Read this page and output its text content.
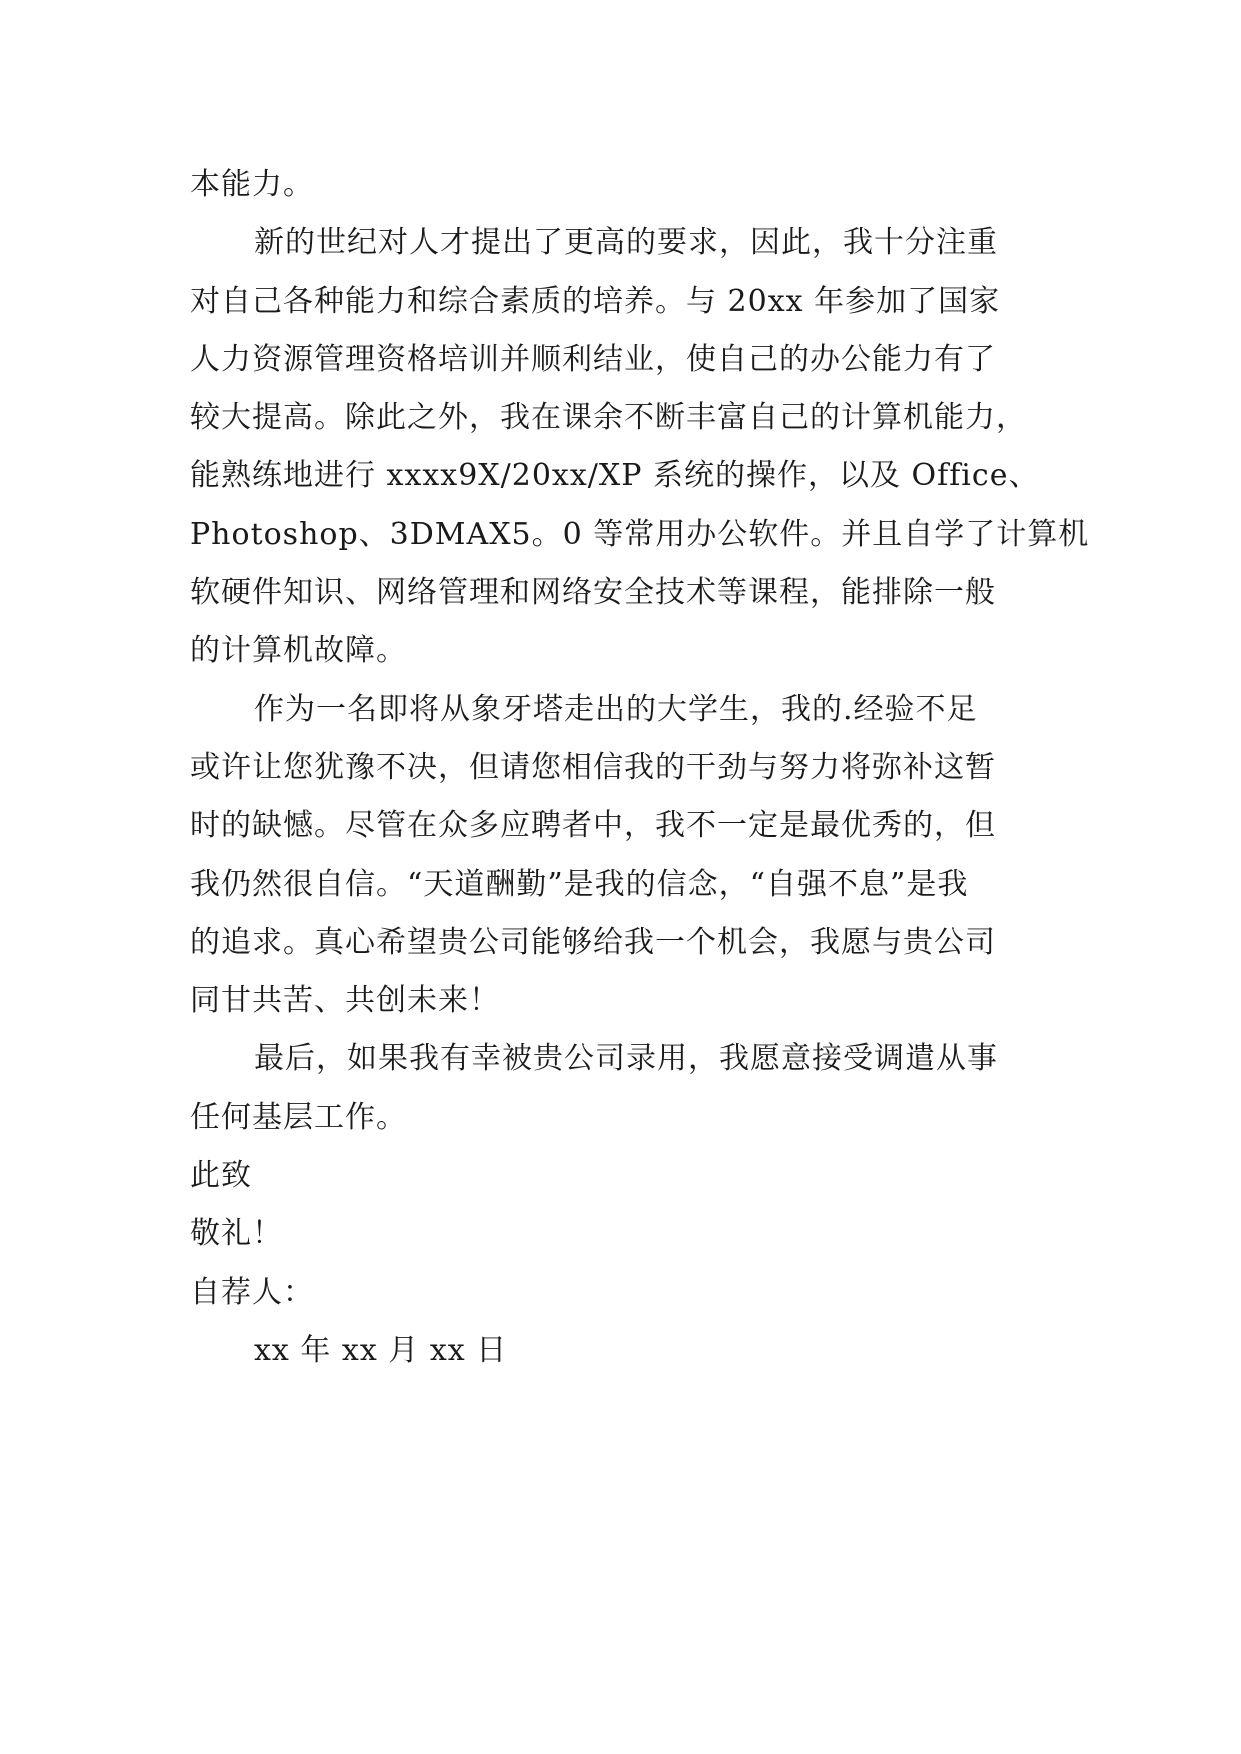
本能力。
新的世纪对人才提出了更高的要求，因此，我十分注重
对自己各种能力和综合素质的培养。与 20xx 年参加了国家
人力资源管理资格培训并顺利结业，使自己的办公能力有了
较大提高。除此之外，我在课余不断丰富自己的计算机能力，
能熟练地进行 xxxx9X/20xx/XP 系统的操作，以及 Office、
Photoshop、3DMAX5。0 等常用办公软件。并且自学了计算机
软硬件知识、网络管理和网络安全技术等课程，能排除一般
的计算机故障。
作为一名即将从象牙塔走出的大学生，我的.经验不足
或许让您犹豫不决，但请您相信我的干劲与努力将弥补这暂
时的缺憾。尽管在众多应聘者中，我不一定是最优秀的，但
我仍然很自信。“天道酬勤”是我的信念，“自强不息”是我
的追求。真心希望贵公司能够给我一个机会，我愿与贵公司
同甘共苦、共创未来！
最后，如果我有幸被贵公司录用，我愿意接受调遣从事
任何基层工作。
此致
敬礼！
自荐人：
xx 年 xx 月 xx 日
